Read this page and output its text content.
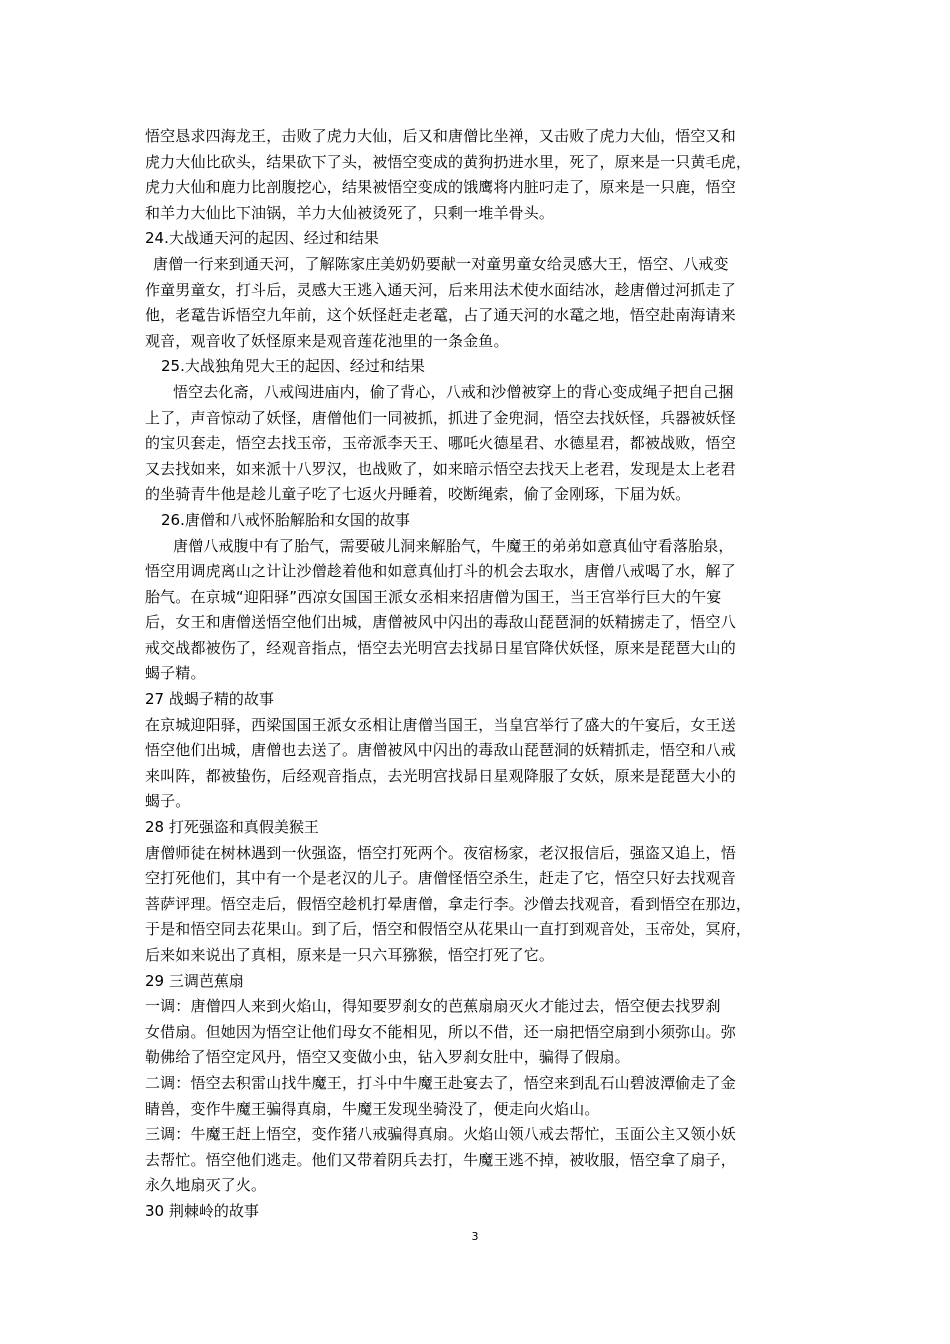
悟空恳求四海龙王，击败了虎力大仙，后又和唐僧比坐禅，又击败了虎力大仙，悟空又和
虎力大仙比砍头，结果砍下了头，被悟空变成的黄狗扔进水里，死了，原来是一只黄毛虎，
虎力大仙和鹿力比剖腹挖心，结果被悟空变成的饿鹰将内脏叼走了，原来是一只鹿，悟空
和羊力大仙比下油锅，羊力大仙被烫死了，只剩一堆羊骨头。
24.大战通天河的起因、经过和结果
唐僧一行来到通天河，了解陈家庄美奶奶要献一对童男童女给灵感大王，悟空、八戒变
作童男童女，打斗后，灵感大王逃入通天河，后来用法术使水面结冰，趁唐僧过河抓走了
他，老鼋告诉悟空九年前，这个妖怪赶走老鼋，占了通天河的水鼋之地，悟空赴南海请来
观音，观音收了妖怪原来是观音莲花池里的一条金鱼。
25.大战独角兕大王的起因、经过和结果
悟空去化斋，八戒闯进庙内，偷了背心，八戒和沙僧被穿上的背心变成绳子把自己捆
上了，声音惊动了妖怪，唐僧他们一同被抓，抓进了金兜洞，悟空去找妖怪，兵器被妖怪
的宝贝套走，悟空去找玉帝，玉帝派李天王、哪吒火德星君、水德星君，都被战败，悟空
又去找如来，如来派十八罗汉，也战败了，如来暗示悟空去找天上老君，发现是太上老君
的坐骑青牛他是趁儿童子吃了七返火丹睡着，咬断绳索，偷了金刚琢，下届为妖。
26.唐僧和八戒怀胎解胎和女国的故事
唐僧八戒腹中有了胎气，需要破儿洞来解胎气，牛魔王的弟弟如意真仙守看落胎泉，
悟空用调虎离山之计让沙僧趁着他和如意真仙打斗的机会去取水，唐僧八戒喝了水，解了
胎气。在京城“迎阳驿”西凉女国国王派女丞相来招唐僧为国王，当王宫举行巨大的午宴
后，女王和唐僧送悟空他们出城，唐僧被风中闪出的毒敌山琵琶洞的妖精掳走了，悟空八
戒交战都被伤了，经观音指点，悟空去光明宫去找昴日星官降伏妖怪，原来是琵琶大山的
蝎子精。
27 战蝎子精的故事
在京城迎阳驿，西梁国国王派女丞相让唐僧当国王，当皇宫举行了盛大的午宴后，女王送
悟空他们出城，唐僧也去送了。唐僧被风中闪出的毒敌山琵琶洞的妖精抓走，悟空和八戒
来叫阵，都被蛰伤，后经观音指点，去光明宫找昴日星观降服了女妖，原来是琵琶大小的
蝎子。
28 打死强盗和真假美猴王
唐僧师徒在树林遇到一伙强盗，悟空打死两个。夜宿杨家，老汉报信后，强盗又追上，悟
空打死他们，其中有一个是老汉的儿子。唐僧怪悟空杀生，赶走了它，悟空只好去找观音
菩萨评理。悟空走后，假悟空趁机打晕唐僧，拿走行李。沙僧去找观音，看到悟空在那边，
于是和悟空同去花果山。到了后，悟空和假悟空从花果山一直打到观音处，玉帝处，冥府，
后来如来说出了真相，原来是一只六耳猕猴，悟空打死了它。
29 三调芭蕉扇
一调：唐僧四人来到火焰山，得知要罗刹女的芭蕉扇扇灭火才能过去，悟空便去找罗刹
女借扇。但她因为悟空让他们母女不能相见，所以不借，还一扇把悟空扇到小须弥山。弥
勒佛给了悟空定风丹，悟空又变做小虫，钻入罗刹女肚中，骗得了假扇。
二调：悟空去积雷山找牛魔王，打斗中牛魔王赴宴去了，悟空来到乱石山碧波潭偷走了金
睛兽，变作牛魔王骗得真扇，牛魔王发现坐骑没了，便走向火焰山。
三调：牛魔王赶上悟空，变作猪八戒骗得真扇。火焰山领八戒去帮忙，玉面公主又领小妖
去帮忙。悟空他们逃走。他们又带着阴兵去打，牛魔王逃不掉，被收服，悟空拿了扇子，
永久地扇灭了火。
30 荆棘岭的故事
3
